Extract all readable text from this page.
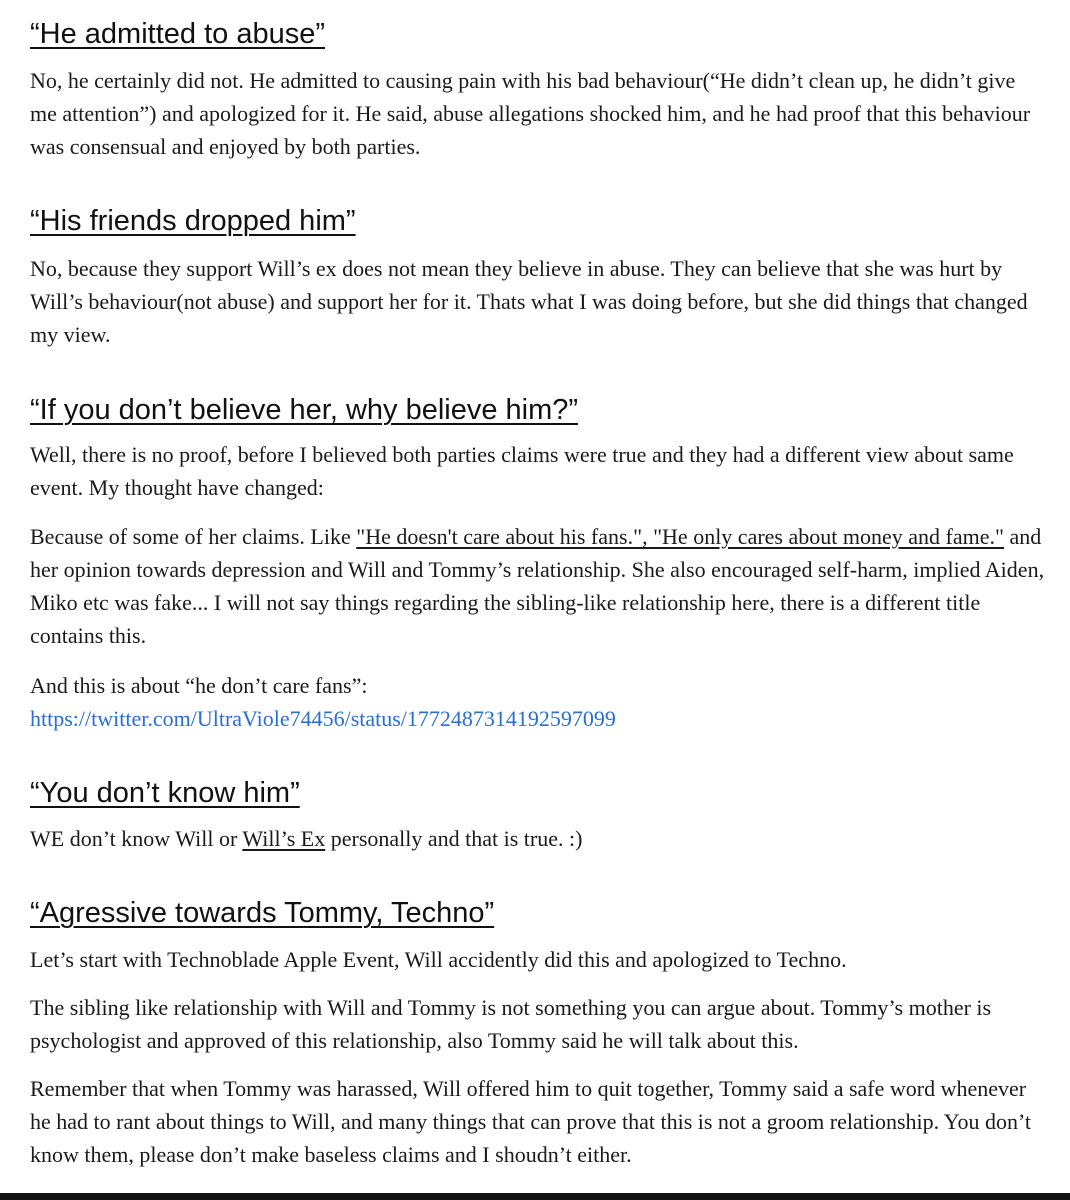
“He admitted to abuse”

No, he certainly did not. He admitted to causing pain with his bad behaviour(“He didn’t clean up, he didn’t give me attention”) and apologized for it. He said, abuse allegations shocked him, and he had proof that this behaviour was consensual and enjoyed by both parties.

“His friends dropped him”

No, because they support Will’s ex does not mean they believe in abuse. They can believe that she was hurt by Will’s behaviour(not abuse) and support her for it. Thats what I was doing before, but she did things that changed my view.

“If you don’t believe her, why believe him?”

Well, there is no proof, before I believed both parties claims were true and they had a different view about same event. My thought have changed:

Because of some of her claims. Like "He doesn't care about his fans.", "He only cares about money and fame." and her opinion towards depression and Will and Tommy’s relationship. She also encouraged self-harm, implied Aiden, Miko etc was fake... I will not say things regarding the sibling-like relationship here, there is a different title contains this.

And this is about “he don’t care fans”:
https://twitter.com/UltraViole74456/status/1772487314192597099

“You don’t know him”

WE don’t know Will or Will’s Ex personally and that is true. :)

“Agressive towards Tommy, Techno”

Let’s start with Technoblade Apple Event, Will accidently did this and apologized to Techno.

The sibling like relationship with Will and Tommy is not something you can argue about. Tommy’s mother is psychologist and approved of this relationship, also Tommy said he will talk about this.

Remember that when Tommy was harassed, Will offered him to quit together, Tommy said a safe word whenever he had to rant about things to Will, and many things that can prove that this is not a groom relationship. You don’t know them, please don’t make baseless claims and I shoudn’t either.
